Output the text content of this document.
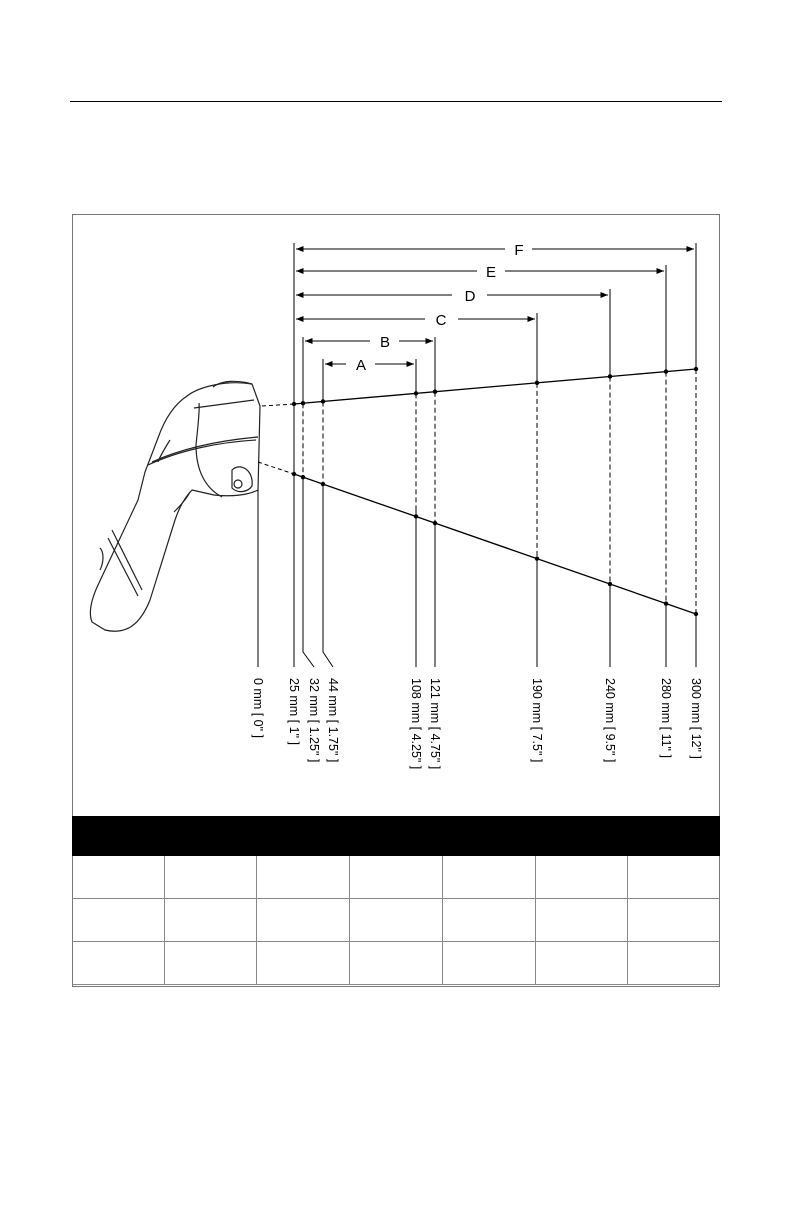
F
E
D
C
B
A
0 mm [ 0" ] 25 mm [ 1" ] 32 mm [ 1.25" ] 44 mm [ 1.75" ]	108 mm [ 4.25" ] 121 mm [ 4.75" ]	190 mm [ 7.5" ]	240 mm [ 9.5" ]	280 mm [ 11" ] 300 mm [ 12" ]
